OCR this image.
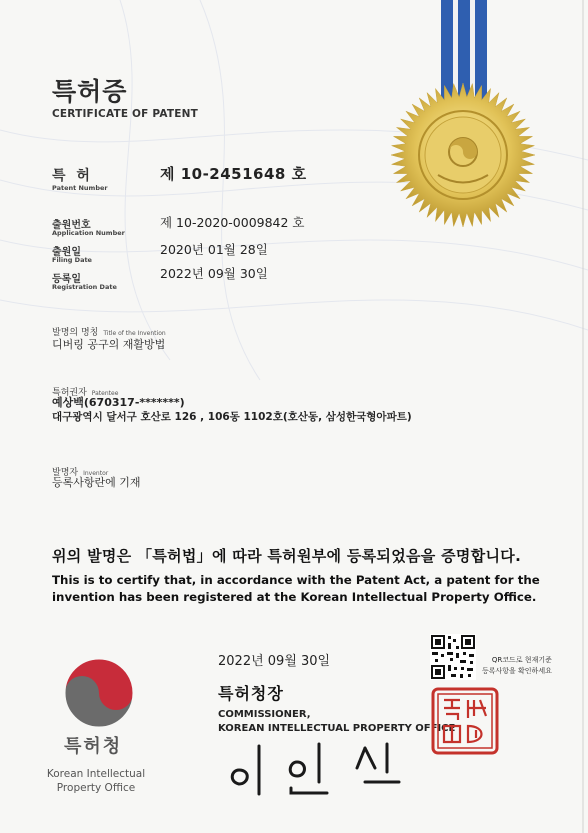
특허증
CERTIFICATE OF PATENT
특 허
Patent Number
제 10-2451648 호
출원번호
Application Number
제 10-2020-0009842 호
출원일
Filing Date
2020년 01월 28일
등록일
Registration Date
2022년 09월 30일
발명의 명칭 Title of the Invention
디버링 공구의 재활방법
특허권자 Patentee
예상백(670317-*******)
대구광역시 달서구 호산로 126 , 106동 1102호(호산동, 삼성한국형아파트)
발명자 Inventor
등록사항란에 기재
위의 발명은 「특허법」에 따라 특허원부에 등록되었음을 증명합니다.
This is to certify that, in accordance with the Patent Act, a patent for the
invention has been registered at the Korean Intellectual Property Office.
2022년 09월 30일	QR코드로 현재기준
등록사항을 확인하세요
특허청장
COMMISSIONER,
KOREAN INTELLECTUAL PROPERTY OFFICE
특허청
Korean Intellectual
Property Office
